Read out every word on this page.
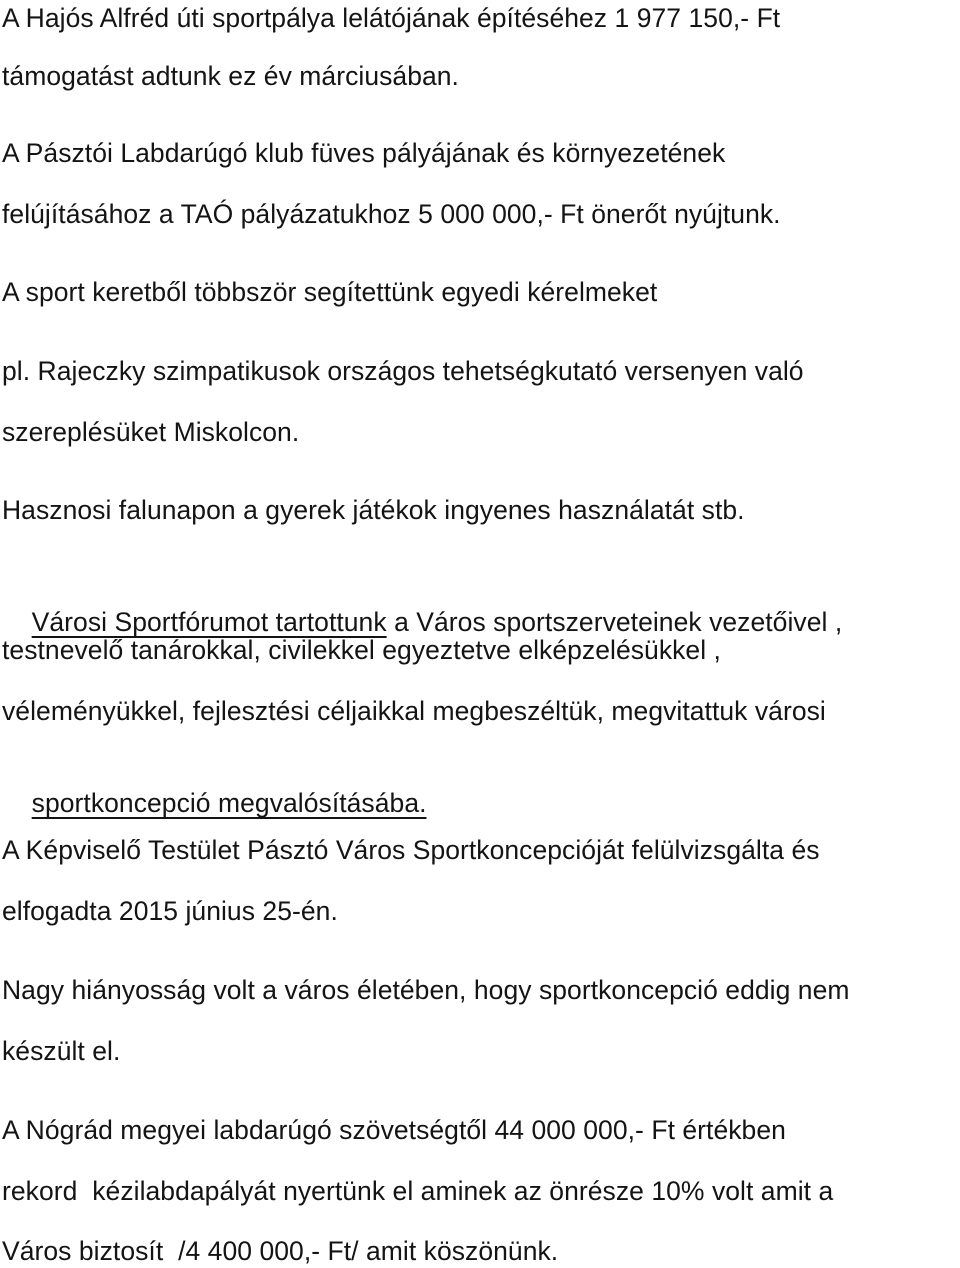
A Hajós Alfréd úti sportpálya lelátójának építéséhez 1 977 150,- Ft
támogatást adtunk ez év márciusában.
A Pásztói Labdarúgó klub füves pályájának és környezetének
felújításához a TAÓ pályázatukhoz 5 000 000,- Ft önerőt nyújtunk.
A sport keretből többször segítettünk egyedi kérelmeket
pl. Rajeczky szimpatikusok országos tehetségkutató versenyen való
szereplésüket Miskolcon.
Hasznosi falunapon a gyerek játékok ingyenes használatát stb.

Városi Sportfórumot tartottunk a Város sportszerveteinek vezetőivel ,

testnevelő tanárokkal, civilekkel egyeztetve elképzelésükkel ,
véleményükkel, fejlesztési céljaikkal megbeszéltük, megvitattuk városi

sportkoncepció megvalósításába.

A Képviselő Testület Pásztó Város Sportkoncepcióját felülvizsgálta és
elfogadta 2015 június 25-én.
Nagy hiányosság volt a város életében, hogy sportkoncepció eddig nem
készült el.
A Nógrád megyei labdarúgó szövetségtől 44 000 000,- Ft értékben
rekord  kézilabdapályát nyertünk el aminek az önrésze 10% volt amit a
Város biztosít  /4 400 000,- Ft/ amit köszönünk.
